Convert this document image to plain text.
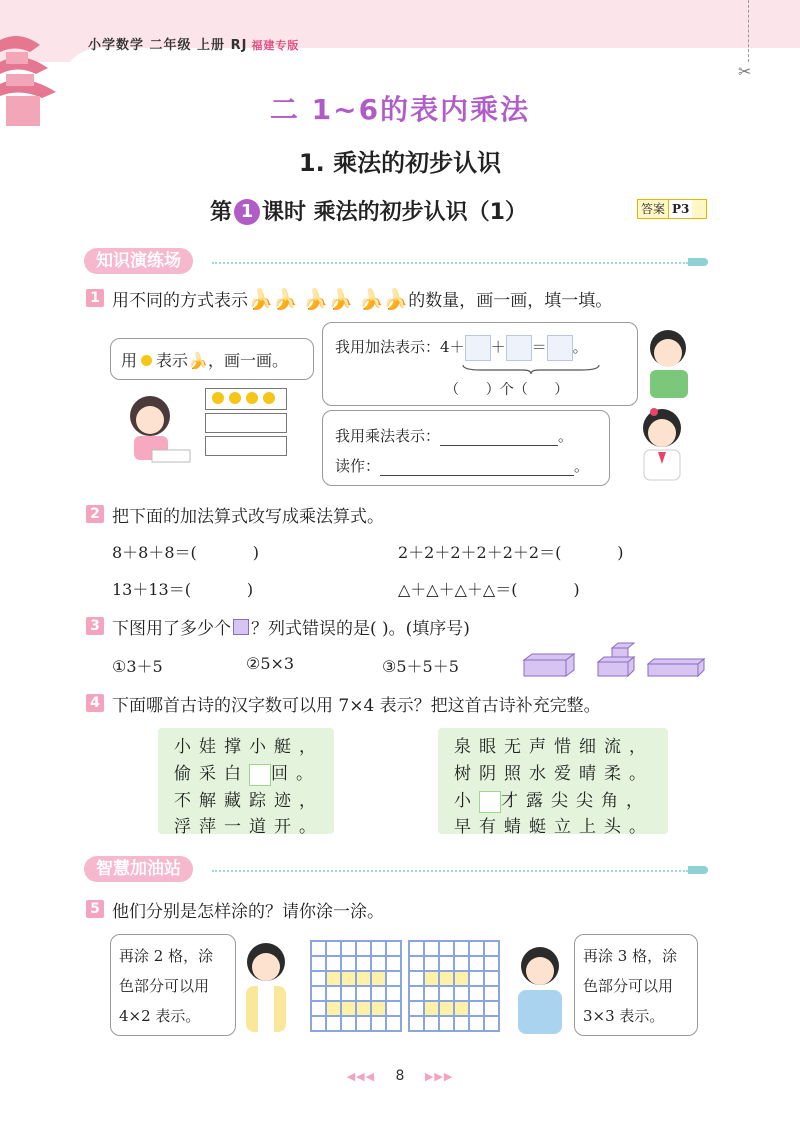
小学数学 二年级 上册 RJ 福建专版
✂
二 1~6的表内乘法
1. 乘法的初步认识
第 1 课时 乘法的初步认识（1）	答案 P3
知识演练场
1 用不同的方式表示🍌🍌 🍌🍌 🍌🍌的数量，画一画，填一填。
用 表示🍌，画一画。
我用加法表示：4＋ ＋ ＝ 。
（      ）个（      ）
我用乘法表示：	。
读作：	。
2 把下面的加法算式改写成乘法算式。
8＋8＋8＝(           )	2＋2＋2＋2＋2＋2＝(           )
13＋13＝(           )	△＋△＋△＋△＝(           )
3 下图用了多少个 ？列式错误的是( )。(填序号)
①3＋5	②5×3	③5＋5＋5
4 下面哪首古诗的汉字数可以用 7×4 表示？把这首古诗补充完整。
小娃撑小艇，
偷采白 回。
不解藏踪迹，
浮萍一道开。
泉眼无声惜细流，
树阴照水爱晴柔。
小 才露尖尖角，
早有蜻蜓立上头。
智慧加油站
5 他们分别是怎样涂的？请你涂一涂。
再涂 2 格，涂
色部分可以用
4×2 表示。
再涂 3 格，涂
色部分可以用
3×3 表示。
◀◀◀ 8 ▶▶▶
